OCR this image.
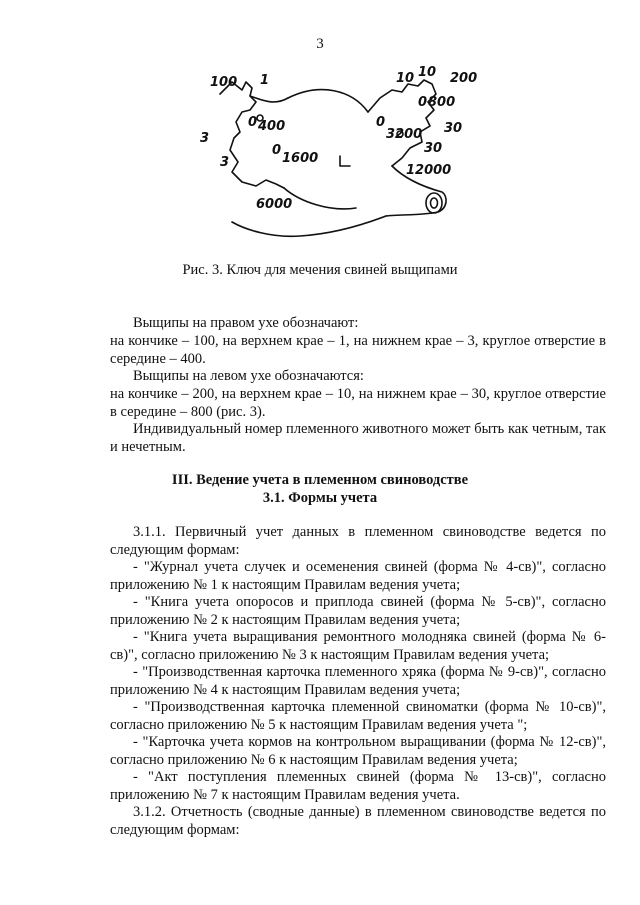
3
100 1
3
3
0 400
0
1600
6000
10 10 200
0 800
0
3200 30
30
12000
Рис. 3. Ключ для мечения свиней выщипами
Выщипы на правом ухе обозначают:
на кончике – 100, на верхнем крае – 1, на нижнем крае – 3, круглое отверстие в середине – 400.
Выщипы на левом ухе обозначаются:
на кончике – 200, на верхнем крае – 10, на нижнем крае – 30, круглое отверстие в середине – 800 (рис. 3).
Индивидуальный номер племенного животного может быть как четным, так и нечетным.
III. Ведение учета в племенном свиноводстве
3.1. Формы учета
3.1.1. Первичный учет данных в племенном свиноводстве ведется по следующим формам:
- "Журнал учета случек и осеменения свиней (форма № 4-св)", согласно приложению № 1 к настоящим Правилам ведения учета;
- "Книга учета опоросов и приплода свиней (форма № 5-св)", согласно приложению № 2 к настоящим Правилам ведения учета;
- "Книга учета выращивания ремонтного молодняка свиней (форма № 6-св)", согласно приложению № 3 к настоящим Правилам ведения учета;
- "Производственная карточка племенного хряка (форма № 9-св)", согласно приложению № 4 к настоящим Правилам ведения учета;
- "Производственная карточка племенной свиноматки (форма № 10-св)", согласно приложению № 5 к настоящим Правилам ведения учета ";
- "Карточка учета кормов на контрольном выращивании (форма № 12-св)", согласно приложению № 6 к настоящим Правилам ведения учета;
- "Акт поступления племенных свиней (форма № 13-св)", согласно приложению № 7 к настоящим Правилам ведения учета.
3.1.2. Отчетность (сводные данные) в племенном свиноводстве ведется по следующим формам:
